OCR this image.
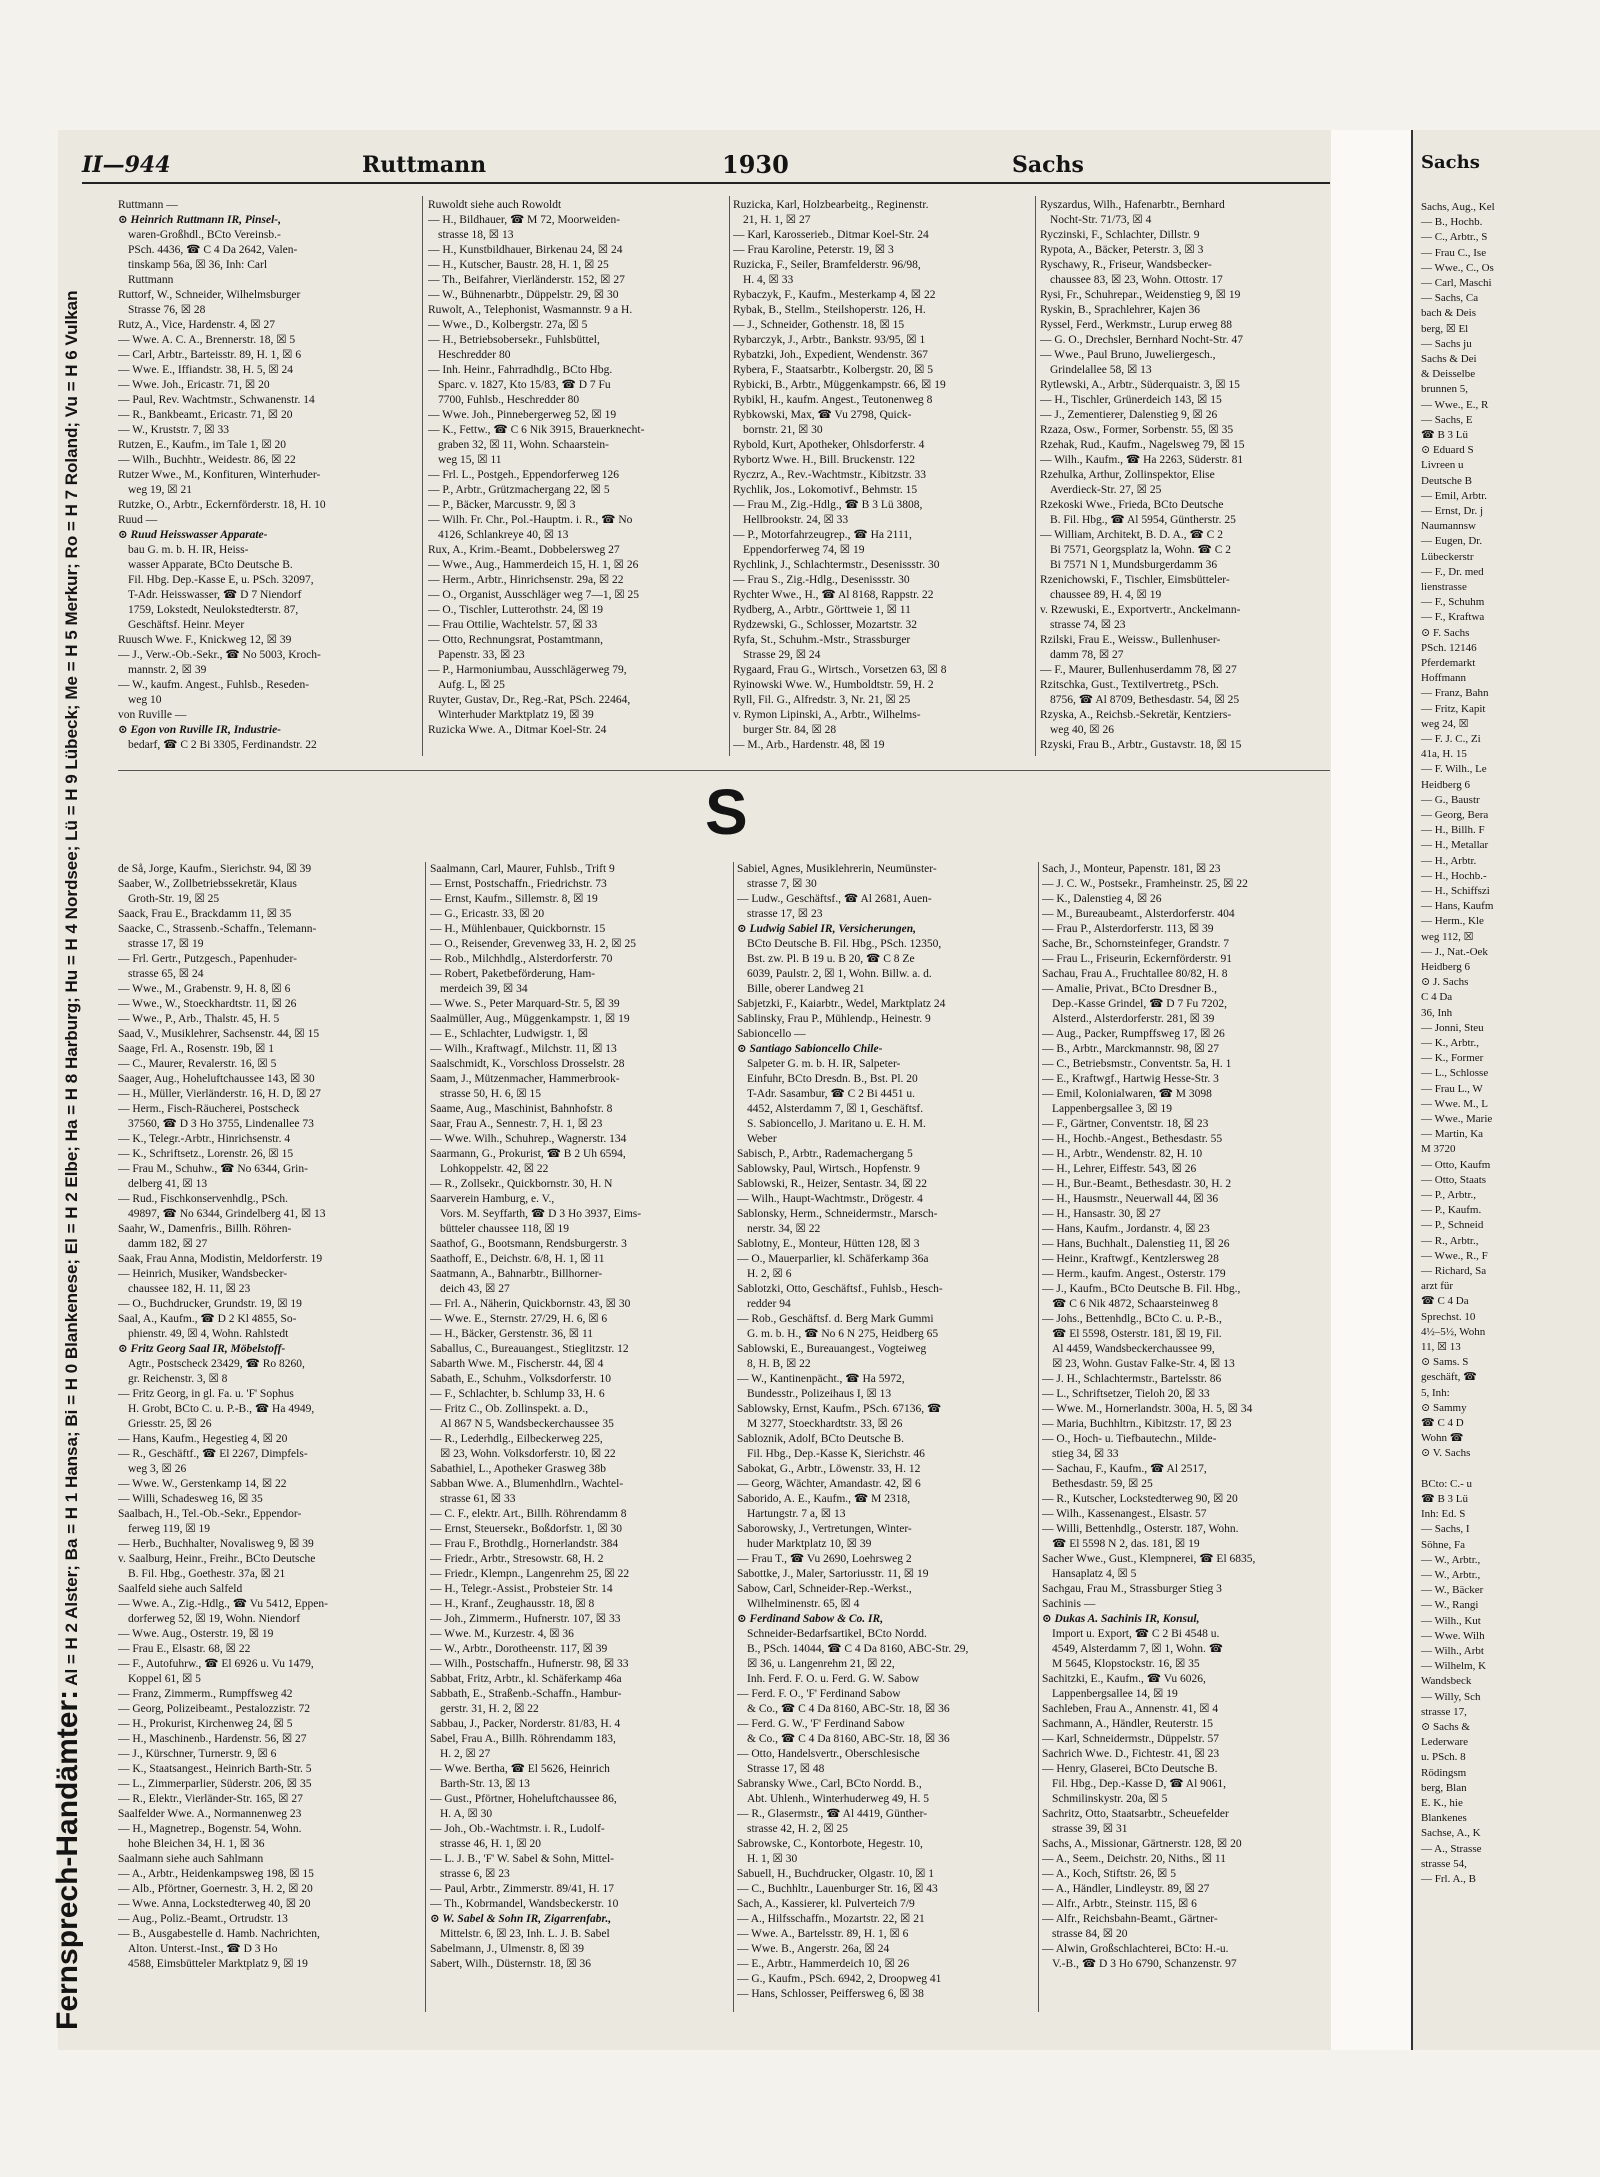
Sachs
Sachs, Aug., Kel
— B., Hochb.
— C., Arbtr., S
— Frau C., Ise
— Wwe., C., Os
— Carl, Maschi
— Sachs, Ca
bach & Deis
berg, ☒ El
— Sachs ju
Sachs & Dei
& Deisselbe
brunnen 5,
— Wwe., E., R
— Sachs, E
☎ B 3 Lü
⊙ Eduard S
Livreen u
Deutsche B
— Emil, Arbtr.
— Ernst, Dr. j
Naumannsw
— Eugen, Dr.
Lübeckerstr
— F., Dr. med
lienstrasse
— F., Schuhm
— F., Kraftwa
⊙ F. Sachs
PSch. 12146
Pferdemarkt
Hoffmann
— Franz, Bahn
— Fritz, Kapit
weg 24, ☒
— F. J. C., Zi
41a, H. 15
— F. Wilh., Le
Heidberg 6
— G., Baustr
— Georg, Bera
— H., Billh. F
— H., Metallar
— H., Arbtr.
— H., Hochb.-
— H., Schiffszi
— Hans, Kaufm
— Herm., Kle
weg 112, ☒
— J., Nat.-Oek
Heidberg 6
⊙ J. Sachs
C 4 Da
36, Inh
— Jonni, Steu
— K., Arbtr.,
— K., Former
— L., Schlosse
— Frau L., W
— Wwe. M., L
— Wwe., Marie
— Martin, Ka
M 3720
— Otto, Kaufm
— Otto, Staats
— P., Arbtr.,
— P., Kaufm.
— P., Schneid
— R., Arbtr.,
— Wwe., R., F
— Richard, Sa
arzt für
☎ C 4 Da
Sprechst. 10
4½–5½, Wohn
11, ☒ 13
⊙ Sams. S
geschäft, ☎
5, Inh:
⊙ Sammy
☎ C 4 D
Wohn ☎
⊙ V. Sachs
BCto: C.- u
☎ B 3 Lü
Inh: Ed. S
— Sachs, I
Söhne, Fa
— W., Arbtr.,
— W., Arbtr.,
— W., Bäcker
— W., Rangi
— Wilh., Kut
— Wwe. Wilh
— Wilh., Arbt
— Wilhelm, K
Wandsbeck
— Willy, Sch
strasse 17,
⊙ Sachs &
Lederware
u. PSch. 8
Rödingsm
berg, Blan
E. K., hie
Blankenes
Sachse, A., K
— A., Strasse
strasse 54,
— Frl. A., B
II—944	Ruttmann	1930	Sachs
Fernsprech-Handämter: Al = H 2 Alster; Ba = H 1 Hansa; Bi = H 0 Blankenese; El = H 2 Elbe; Ha = H 8 Harburg; Hu = H 4 Nordsee; Lü = H 9 Lübeck; Me = H 5 Merkur; Ro = H 7 Roland; Vu = H 6 Vulkan
Ruttmann —
⊙ Heinrich Ruttmann IR, Pinsel-,
waren-Großhdl., BCto Vereinsb.-
PSch. 4436, ☎ C 4 Da 2642, Valen-
tinskamp 56a, ☒ 36, Inh: Carl
Ruttmann
Ruttorf, W., Schneider, Wilhelmsburger
Strasse 76, ☒ 28
Rutz, A., Vice, Hardenstr. 4, ☒ 27
— Wwe. A. C. A., Brennerstr. 18, ☒ 5
— Carl, Arbtr., Barteisstr. 89, H. 1, ☒ 6
— Wwe. E., Iffiandstr. 38, H. 5, ☒ 24
— Wwe. Joh., Ericastr. 71, ☒ 20
— Paul, Rev. Wachtmstr., Schwanenstr. 14
— R., Bankbeamt., Ericastr. 71, ☒ 20
— W., Kruststr. 7, ☒ 33
Rutzen, E., Kaufm., im Tale 1, ☒ 20
— Wilh., Buchhtr., Weidestr. 86, ☒ 22
Rutzer Wwe., M., Konfituren, Winterhuder-
weg 19, ☒ 21
Rutzke, O., Arbtr., Eckernförderstr. 18, H. 10
Ruud —
⊙ Ruud Heisswasser Apparate-
bau G. m. b. H. IR, Heiss-
wasser Apparate, BCto Deutsche B.
Fil. Hbg. Dep.-Kasse E, u. PSch. 32097,
T-Adr. Heisswasser, ☎ D 7 Niendorf
1759, Lokstedt, Neulokstedterstr. 87,
Geschäftsf. Heinr. Meyer
Ruusch Wwe. F., Knickweg 12, ☒ 39
— J., Verw.-Ob.-Sekr., ☎ No 5003, Kroch-
mannstr. 2, ☒ 39
— W., kaufm. Angest., Fuhlsb., Reseden-
weg 10
von Ruville —
⊙ Egon von Ruville IR, Industrie-
bedarf, ☎ C 2 Bi 3305, Ferdinandstr. 22
Ruwoldt siehe auch Rowoldt
— H., Bildhauer, ☎ M 72, Moorweiden-
strasse 18, ☒ 13
— H., Kunstbildhauer, Birkenau 24, ☒ 24
— H., Kutscher, Baustr. 28, H. 1, ☒ 25
— Th., Beifahrer, Vierländerstr. 152, ☒ 27
— W., Bühnenarbtr., Düppelstr. 29, ☒ 30
Ruwolt, A., Telephonist, Wasmannstr. 9 a H.
— Wwe., D., Kolbergstr. 27a, ☒ 5
— H., Betriebsobersekr., Fuhlsbüttel,
Heschredder 80
— Inh. Heinr., Fahrradhdlg., BCto Hbg.
Sparc. v. 1827, Kto 15/83, ☎ D 7 Fu
7700, Fuhlsb., Heschredder 80
— Wwe. Joh., Pinnebergerweg 52, ☒ 19
— K., Fettw., ☎ C 6 Nik 3915, Brauerknecht-
graben 32, ☒ 11, Wohn. Schaarstein-
weg 15, ☒ 11
— Frl. L., Postgeh., Eppendorferweg 126
— P., Arbtr., Grützmachergang 22, ☒ 5
— P., Bäcker, Marcusstr. 9, ☒ 3
— Wilh. Fr. Chr., Pol.-Hauptm. i. R., ☎ No
4126, Schlankreye 40, ☒ 13
Rux, A., Krim.-Beamt., Dobbelersweg 27
— Wwe., Aug., Hammerdeich 15, H. 1, ☒ 26
— Herm., Arbtr., Hinrichsenstr. 29a, ☒ 22
— O., Organist, Ausschläger weg 7—1, ☒ 25
— O., Tischler, Lutterothstr. 24, ☒ 19
— Frau Ottilie, Wachtelstr. 57, ☒ 33
— Otto, Rechnungsrat, Postamtmann,
Papenstr. 33, ☒ 23
— P., Harmoniumbau, Ausschlägerweg 79,
Aufg. L, ☒ 25
Ruyter, Gustav, Dr., Reg.-Rat, PSch. 22464,
Winterhuder Marktplatz 19, ☒ 39
Ruzicka Wwe. A., Ditmar Koel-Str. 24
Ruzicka, Karl, Holzbearbeitg., Reginenstr.
21, H. 1, ☒ 27
— Karl, Karosseriеb., Ditmar Koel-Str. 24
— Frau Karoline, Peterstr. 19, ☒ 3
Ruzicka, F., Seiler, Bramfelderstr. 96/98,
H. 4, ☒ 33
Rybaczyk, F., Kaufm., Mesterkamp 4, ☒ 22
Rybak, B., Stellm., Steilshoperstr. 126, H.
— J., Schneider, Gothenstr. 18, ☒ 15
Rybarczyk, J., Arbtr., Bankstr. 93/95, ☒ 1
Rybatzki, Joh., Expedient, Wendenstr. 367
Rybera, F., Staatsarbtr., Kolbergstr. 20, ☒ 5
Rybicki, B., Arbtr., Müggenkampstr. 66, ☒ 19
Rybikl, H., kaufm. Angest., Teutonenweg 8
Rybkowski, Max, ☎ Vu 2798, Quick-
bornstr. 21, ☒ 30
Rybold, Kurt, Apotheker, Ohlsdorferstr. 4
Rybortz Wwe. H., Bill. Bruckenstr. 122
Ryczrz, A., Rev.-Wachtmstr., Kibitzstr. 33
Rychlik, Jos., Lokomotivf., Behmstr. 15
— Frau M., Zig.-Hdlg., ☎ B 3 Lü 3808,
Hellbrookstr. 24, ☒ 33
— P., Motorfahrzeugrep., ☎ Ha 2111,
Eppendorferweg 74, ☒ 19
Rychlink, J., Schlachtermstr., Desenissstr. 30
— Frau S., Zig.-Hdlg., Desenissstr. 30
Rychter Wwe., H., ☎ Al 8168, Rappstr. 22
Rydberg, A., Arbtr., Görttweie 1, ☒ 11
Rydzewski, G., Schlosser, Mozartstr. 32
Ryfa, St., Schuhm.-Mstr., Strassburger
Strasse 29, ☒ 24
Rygaard, Frau G., Wirtsch., Vorsetzen 63, ☒ 8
Ryinowski Wwe. W., Humboldtstr. 59, H. 2
Ryll, Fil. G., Alfredstr. 3, Nr. 21, ☒ 25
v. Rymon Lipinski, A., Arbtr., Wilhelms-
burger Str. 84, ☒ 28
— M., Arb., Hardenstr. 48, ☒ 19
Ryszardus, Wilh., Hafenarbtr., Bernhard
Nocht-Str. 71/73, ☒ 4
Ryczinski, F., Schlachter, Dillstr. 9
Rypota, A., Bäcker, Peterstr. 3, ☒ 3
Ryschawy, R., Friseur, Wandsbecker-
chaussee 83, ☒ 23, Wohn. Ottostr. 17
Rysi, Fr., Schuhrepar., Weidenstieg 9, ☒ 19
Ryskin, B., Sprachlehrer, Kajen 36
Ryssel, Ferd., Werkmstr., Lurup erweg 88
— G. O., Drechsler, Bernhard Nocht-Str. 47
— Wwe., Paul Bruno, Juweliergesch.,
Grindelallee 58, ☒ 13
Rytlewski, A., Arbtr., Süderquaistr. 3, ☒ 15
— H., Tischler, Grünerdeich 143, ☒ 15
— J., Zementierer, Dalenstieg 9, ☒ 26
Rzaza, Osw., Former, Sorbenstr. 55, ☒ 35
Rzehak, Rud., Kaufm., Nagelsweg 79, ☒ 15
— Wilh., Kaufm., ☎ Ha 2263, Süderstr. 81
Rzehulka, Arthur, Zollinspektor, Elise
Averdieck-Str. 27, ☒ 25
Rzekoski Wwe., Frieda, BCto Deutsche
B. Fil. Hbg., ☎ Al 5954, Güntherstr. 25
— William, Architekt, B. D. A., ☎ C 2
Bi 7571, Georgsplatz la, Wohn. ☎ C 2
Bi 7571 N 1, Mundsburgerdamm 36
Rzenichowski, F., Tischler, Eimsbütteler-
chaussee 89, H. 4, ☒ 19
v. Rzewuski, E., Exportvertr., Anckelmann-
strasse 74, ☒ 23
Rzilski, Frau E., Weissw., Bullenhuser-
damm 78, ☒ 27
— F., Maurer, Bullenhuserdamm 78, ☒ 27
Rzitschka, Gust., Textilvertretg., PSch.
8756, ☎ Al 8709, Bethesdastr. 54, ☒ 25
Rzyska, A., Reichsb.-Sekretär, Kentziers-
weg 40, ☒ 26
Rzyski, Frau B., Arbtr., Gustavstr. 18, ☒ 15
S
de Så, Jorge, Kaufm., Sierichstr. 94, ☒ 39
Saaber, W., Zollbetriebssekretär, Klaus
Groth-Str. 19, ☒ 25
Saack, Frau E., Brackdamm 11, ☒ 35
Saacke, C., Strassenb.-Schaffn., Telemann-
strasse 17, ☒ 19
— Frl. Gertr., Putzgesch., Papenhuder-
strasse 65, ☒ 24
— Wwe., M., Grabenstr. 9, H. 8, ☒ 6
— Wwe., W., Stoeckhardtstr. 11, ☒ 26
— Wwe., P., Arb., Thalstr. 45, H. 5
Saad, V., Musiklehrer, Sachsenstr. 44, ☒ 15
Saage, Frl. A., Rosenstr. 19b, ☒ 1
— C., Maurer, Revalerstr. 16, ☒ 5
Saager, Aug., Hoheluftchaussee 143, ☒ 30
— H., Müller, Vierländerstr. 16, H. D, ☒ 27
— Herm., Fisch-Räucherei, Postscheck
37560, ☎ D 3 Ho 3755, Lindenallee 73
— K., Telegr.-Arbtr., Hinrichsenstr. 4
— K., Schriftsetz., Lorenstr. 26, ☒ 15
— Frau M., Schuhw., ☎ No 6344, Grin-
delberg 41, ☒ 13
— Rud., Fischkonservenhdlg., PSch.
49897, ☎ No 6344, Grindelberg 41, ☒ 13
Saahr, W., Damenfris., Billh. Röhren-
damm 182, ☒ 27
Saak, Frau Anna, Modistin, Meldorferstr. 19
— Heinrich, Musiker, Wandsbecker-
chaussee 182, H. 11, ☒ 23
— O., Buchdrucker, Grundstr. 19, ☒ 19
Saal, A., Kaufm., ☎ D 2 Kl 4855, So-
phienstr. 49, ☒ 4, Wohn. Rahlstedt
⊙ Fritz Georg Saal IR, Möbelstoff-
Agtr., Postscheck 23429, ☎ Ro 8260,
gr. Reichenstr. 3, ☒ 8
— Fritz Georg, in gl. Fa. u. 'F' Sophus
H. Grobt, BCto C. u. P.-B., ☎ Ha 4949,
Griesstr. 25, ☒ 26
— Hans, Kaufm., Hegestieg 4, ☒ 20
— R., Geschäftf., ☎ El 2267, Dimpfels-
weg 3, ☒ 26
— Wwe. W., Gerstenkamp 14, ☒ 22
— Willi, Schadesweg 16, ☒ 35
Saalbach, H., Tel.-Ob.-Sekr., Eppendor-
ferweg 119, ☒ 19
— Herb., Buchhalter, Novalisweg 9, ☒ 39
v. Saalburg, Heinr., Freihr., BCto Deutsche
B. Fil. Hbg., Goethestr. 37a, ☒ 21
Saalfeld siehe auch Salfeld
— Wwe. A., Zig.-Hdlg., ☎ Vu 5412, Eppen-
dorferweg 52, ☒ 19, Wohn. Niendorf
— Wwe. Aug., Osterstr. 19, ☒ 19
— Frau E., Elsastr. 68, ☒ 22
— F., Autofuhrw., ☎ El 6926 u. Vu 1479,
Koppel 61, ☒ 5
— Franz, Zimmerm., Rumpffsweg 42
— Georg, Polizeibeamt., Pestalozzistr. 72
— H., Prokurist, Kirchenweg 24, ☒ 5
— H., Maschinenb., Hardenstr. 56, ☒ 27
— J., Kürschner, Turnerstr. 9, ☒ 6
— K., Staatsangest., Heinrich Barth-Str. 5
— L., Zimmerparlier, Süderstr. 206, ☒ 35
— R., Elektr., Vierländer-Str. 165, ☒ 27
Saalfelder Wwe. A., Normannenweg 23
— H., Magnetrep., Bogenstr. 54, Wohn.
hohe Bleichen 34, H. 1, ☒ 36
Saalmann siehe auch Sahlmann
— A., Arbtr., Heidenkampsweg 198, ☒ 15
— Alb., Pförtner, Goernestr. 3, H. 2, ☒ 20
— Wwe. Anna, Lockstedterweg 40, ☒ 20
— Aug., Poliz.-Beamt., Ortrudstr. 13
— B., Ausgabestelle d. Hamb. Nachrichten,
Alton. Unterst.-Inst., ☎ D 3 Ho
4588, Eimsbütteler Marktplatz 9, ☒ 19
Saalmann, Carl, Maurer, Fuhlsb., Trift 9
— Ernst, Postschaffn., Friedrichstr. 73
— Ernst, Kaufm., Sillemstr. 8, ☒ 19
— G., Ericastr. 33, ☒ 20
— H., Mühlenbauer, Quickbornstr. 15
— O., Reisender, Grevenweg 33, H. 2, ☒ 25
— Rob., Milchhdlg., Alsterdorferstr. 70
— Robert, Paketbeförderung, Ham-
merdeich 39, ☒ 34
— Wwe. S., Peter Marquard-Str. 5, ☒ 39
Saalmüller, Aug., Müggenkampstr. 1, ☒ 19
— E., Schlachter, Ludwigstr. 1, ☒
— Wilh., Kraftwagf., Milchstr. 11, ☒ 13
Saalschmidt, K., Vorschloss Drosselstr. 28
Saam, J., Mützenmacher, Hammerbrook-
strasse 50, H. 6, ☒ 15
Saame, Aug., Maschinist, Bahnhofstr. 8
Saar, Frau A., Sennestr. 7, H. 1, ☒ 23
— Wwe. Wilh., Schuhrep., Wagnerstr. 134
Saarmann, G., Prokurist, ☎ B 2 Uh 6594,
Lohkoppelstr. 42, ☒ 22
— R., Zollsekr., Quickbornstr. 30, H. N
Saarverein Hamburg, e. V.,
Vors. M. Seyffarth, ☎ D 3 Ho 3937, Eims-
bütteler chaussee 118, ☒ 19
Saathof, G., Bootsmann, Rendsburgerstr. 3
Saathoff, E., Deichstr. 6/8, H. 1, ☒ 11
Saatmann, A., Bahnarbtr., Billhorner-
deich 43, ☒ 27
— Frl. A., Näherin, Quickbornstr. 43, ☒ 30
— Wwe. E., Sternstr. 27/29, H. 6, ☒ 6
— H., Bäcker, Gerstenstr. 36, ☒ 11
Saballus, C., Bureauangest., Stieglitzstr. 12
Sabarth Wwe. M., Fischerstr. 44, ☒ 4
Sabath, E., Schuhm., Volksdorferstr. 10
— F., Schlachter, b. Schlump 33, H. 6
— Fritz C., Ob. Zollinspekt. a. D.,
Al 867 N 5, Wandsbeckerchaussee 35
— R., Lederhdlg., Eilbeckerweg 225,
☒ 23, Wohn. Volksdorferstr. 10, ☒ 22
Sabathiel, L., Apotheker Grasweg 38b
Sabban Wwe. A., Blumenhdlrn., Wachtel-
strasse 61, ☒ 33
— C. F., elektr. Art., Billh. Röhrendamm 8
— Ernst, Steuersekr., Boßdorfstr. 1, ☒ 30
— Frau F., Brothdlg., Hornerlandstr. 384
— Friedr., Arbtr., Stresowstr. 68, H. 2
— Friedr., Klempn., Langenrehm 25, ☒ 22
— H., Telegr.-Assist., Probsteier Str. 14
— H., Kranf., Zeughausstr. 18, ☒ 8
— Joh., Zimmerm., Hufnerstr. 107, ☒ 33
— Wwe. M., Kurzestr. 4, ☒ 36
— W., Arbtr., Dorotheenstr. 117, ☒ 39
— Wilh., Postschaffn., Hufnerstr. 98, ☒ 33
Sabbat, Fritz, Arbtr., kl. Schäferkamp 46a
Sabbath, E., Straßenb.-Schaffn., Hambur-
gerstr. 31, H. 2, ☒ 22
Sabbau, J., Packer, Norderstr. 81/83, H. 4
Sabel, Frau A., Billh. Röhrendamm 183,
H. 2, ☒ 27
— Wwe. Bertha, ☎ El 5626, Heinrich
Barth-Str. 13, ☒ 13
— Gust., Pförtner, Hoheluftchaussee 86,
H. A, ☒ 30
— Joh., Ob.-Wachtmstr. i. R., Ludolf-
strasse 46, H. 1, ☒ 20
— L. J. B., 'F' W. Sabel & Sohn, Mittel-
strasse 6, ☒ 23
— Paul, Arbtr., Zimmerstr. 89/41, H. 17
— Th., Kobrmandel, Wandsbeckerstr. 10
⊙ W. Sabel & Sohn IR, Zigarrenfabr.,
Mittelstr. 6, ☒ 23, Inh. L. J. B. Sabel
Sabelmann, J., Ulmenstr. 8, ☒ 39
Sabert, Wilh., Düsternstr. 18, ☒ 36
Sabiel, Agnes, Musiklehrerin, Neumünster-
strasse 7, ☒ 30
— Ludw., Geschäftsf., ☎ Al 2681, Auen-
strasse 17, ☒ 23
⊙ Ludwig Sabiel IR, Versicherungen,
BCto Deutsche B. Fil. Hbg., PSch. 12350,
Bst. zw. Pl. B 19 u. B 20, ☎ C 8 Ze
6039, Paulstr. 2, ☒ 1, Wohn. Billw. a. d.
Bille, oberer Landweg 21
Sabjetzki, F., Kaiarbtr., Wedel, Marktplatz 24
Sablinsky, Frau P., Mühlendp., Heinestr. 9
Sabioncello —
⊙ Santiago Sabioncello Chile-
Salpeter G. m. b. H. IR, Salpeter-
Einfuhr, BCto Dresdn. B., Bst. Pl. 20
T-Adr. Sasambur, ☎ C 2 Bi 4451 u.
4452, Alsterdamm 7, ☒ 1, Geschäftsf.
S. Sabioncello, J. Maritano u. E. H. M.
Weber
Sabisch, P., Arbtr., Rademachergang 5
Sablowsky, Paul, Wirtsch., Hopfenstr. 9
Sablowski, R., Heizer, Sentastr. 34, ☒ 22
— Wilh., Haupt-Wachtmstr., Drögestr. 4
Sablonsky, Herm., Schneidermstr., Marsch-
nerstr. 34, ☒ 22
Sablotny, E., Monteur, Hütten 128, ☒ 3
— O., Mauerparlier, kl. Schäferkamp 36a
H. 2, ☒ 6
Sablotzki, Otto, Geschäftsf., Fuhlsb., Hesch-
redder 94
— Rob., Geschäftsf. d. Berg Mark Gummi
G. m. b. H., ☎ No 6 N 275, Heidberg 65
Sablowski, E., Bureauangest., Vogteiweg
8, H. B, ☒ 22
— W., Kantinenpächt., ☎ Ha 5972,
Bundesstr., Polizeihaus I, ☒ 13
Sablowsky, Ernst, Kaufm., PSch. 67136, ☎
M 3277, Stoeckhardtstr. 33, ☒ 26
Sabloznik, Adolf, BCto Deutsche B.
Fil. Hbg., Dep.-Kasse K, Sierichstr. 46
Sabokat, G., Arbtr., Löwenstr. 33, H. 12
— Georg, Wächter, Amandastr. 42, ☒ 6
Saborido, A. E., Kaufm., ☎ M 2318,
Hartungstr. 7 a, ☒ 13
Saborowsky, J., Vertretungen, Winter-
huder Marktplatz 10, ☒ 39
— Frau T., ☎ Vu 2690, Loehrsweg 2
Sabottke, J., Maler, Sartoriusstr. 11, ☒ 19
Sabow, Carl, Schneider-Rep.-Werkst.,
Wilhelminenstr. 65, ☒ 4
⊙ Ferdinand Sabow & Co. IR,
Schneider-Bedarfsartikel, BCto Nordd.
B., PSch. 14044, ☎ C 4 Da 8160, ABC-Str. 29,
☒ 36, u. Langenrehm 21, ☒ 22,
Inh. Ferd. F. O. u. Ferd. G. W. Sabow
— Ferd. F. O., 'F' Ferdinand Sabow
& Co., ☎ C 4 Da 8160, ABC-Str. 18, ☒ 36
— Ferd. G. W., 'F' Ferdinand Sabow
& Co., ☎ C 4 Da 8160, ABC-Str. 18, ☒ 36
— Otto, Handelsvertr., Oberschlesische
Strasse 17, ☒ 48
Sabransky Wwe., Carl, BCto Nordd. B.,
Abt. Uhlenh., Winterhuderweg 49, H. 5
— R., Glasermstr., ☎ Al 4419, Günther-
strasse 42, H. 2, ☒ 25
Sabrowske, C., Kontorbote, Hegestr. 10,
H. 1, ☒ 30
Sabuell, H., Buchdrucker, Olgastr. 10, ☒ 1
— C., Buchhltr., Lauenburger Str. 16, ☒ 43
Sach, A., Kassierer, kl. Pulverteich 7/9
— A., Hilfsschaffn., Mozartstr. 22, ☒ 21
— Wwe. A., Bartelsstr. 89, H. 1, ☒ 6
— Wwe. B., Angerstr. 26a, ☒ 24
— E., Arbtr., Hammerdeich 10, ☒ 26
— G., Kaufm., PSch. 6942, 2, Droopweg 41
— Hans, Schlosser, Peiffersweg 6, ☒ 38
Sach, J., Monteur, Papenstr. 181, ☒ 23
— J. C. W., Postsekr., Framheinstr. 25, ☒ 22
— K., Dalenstieg 4, ☒ 26
— M., Bureaubeamt., Alsterdorferstr. 404
— Frau P., Alsterdorferstr. 113, ☒ 39
Sache, Br., Schornsteinfeger, Grandstr. 7
— Frau L., Friseurin, Eckernförderstr. 91
Sachau, Frau A., Fruchtallee 80/82, H. 8
— Amalie, Privat., BCto Dresdner B.,
Dep.-Kasse Grindel, ☎ D 7 Fu 7202,
Alsterd., Alsterdorferstr. 281, ☒ 39
— Aug., Packer, Rumpffsweg 17, ☒ 26
— B., Arbtr., Marckmannstr. 98, ☒ 27
— C., Betriebsmstr., Conventstr. 5a, H. 1
— E., Kraftwgf., Hartwig Hesse-Str. 3
— Emil, Kolonialwaren, ☎ M 3098
Lappenbergsallee 3, ☒ 19
— F., Gärtner, Conventstr. 18, ☒ 23
— H., Hochb.-Angest., Bethesdastr. 55
— H., Arbtr., Wendenstr. 82, H. 10
— H., Lehrer, Eiffestr. 543, ☒ 26
— H., Bur.-Beamt., Bethesdastr. 30, H. 2
— H., Hausmstr., Neuerwall 44, ☒ 36
— H., Hansastr. 30, ☒ 27
— Hans, Kaufm., Jordanstr. 4, ☒ 23
— Hans, Buchhalt., Dalenstieg 11, ☒ 26
— Heinr., Kraftwgf., Kentzlersweg 28
— Herm., kaufm. Angest., Osterstr. 179
— J., Kaufm., BCto Deutsche B. Fil. Hbg.,
☎ C 6 Nik 4872, Schaarsteinweg 8
— Johs., Bettenhdlg., BCto C. u. P.-B.,
☎ El 5598, Osterstr. 181, ☒ 19, Fil.
Al 4459, Wandsbeckerchaussee 99,
☒ 23, Wohn. Gustav Falke-Str. 4, ☒ 13
— J. H., Schlachtermstr., Bartelsstr. 86
— L., Schriftsetzer, Tieloh 20, ☒ 33
— Wwe. M., Hornerlandstr. 300a, H. 5, ☒ 34
— Maria, Buchhltrn., Kibitzstr. 17, ☒ 23
— O., Hoch- u. Tiefbautechn., Milde-
stieg 34, ☒ 33
— Sachau, F., Kaufm., ☎ Al 2517,
Bethesdastr. 59, ☒ 25
— R., Kutscher, Lockstedterweg 90, ☒ 20
— Wilh., Kassenangest., Elsastr. 57
— Willi, Bettenhdlg., Osterstr. 187, Wohn.
☎ El 5598 N 2, das. 181, ☒ 19
Sacher Wwe., Gust., Klempnerei, ☎ El 6835,
Hansaplatz 4, ☒ 5
Sachgau, Frau M., Strassburger Stieg 3
Sachinis —
⊙ Dukas A. Sachinis IR, Konsul,
Import u. Export, ☎ C 2 Bi 4548 u.
4549, Alsterdamm 7, ☒ 1, Wohn. ☎
M 5645, Klopstockstr. 16, ☒ 35
Sachitzki, E., Kaufm., ☎ Vu 6026,
Lappenbergsallee 14, ☒ 19
Sachleben, Frau A., Annenstr. 41, ☒ 4
Sachmann, A., Händler, Reuterstr. 15
— Karl, Schneidermstr., Düppelstr. 57
Sachrich Wwe. D., Fichtestr. 41, ☒ 23
— Henry, Glaserei, BCto Deutsche B.
Fil. Hbg., Dep.-Kasse D, ☎ Al 9061,
Schmilinskystr. 20a, ☒ 5
Sachritz, Otto, Staatsarbtr., Scheuefelder
strasse 39, ☒ 31
Sachs, A., Missionar, Gärtnerstr. 128, ☒ 20
— A., Seem., Deichstr. 20, Niths., ☒ 11
— A., Koch, Stiftstr. 26, ☒ 5
— A., Händler, Lindleystr. 89, ☒ 27
— Alfr., Arbtr., Steinstr. 115, ☒ 6
— Alfr., Reichsbahn-Beamt., Gärtner-
strasse 84, ☒ 20
— Alwin, Großschlachterei, BCto: H.-u.
V.-B., ☎ D 3 Ho 6790, Schanzenstr. 97
